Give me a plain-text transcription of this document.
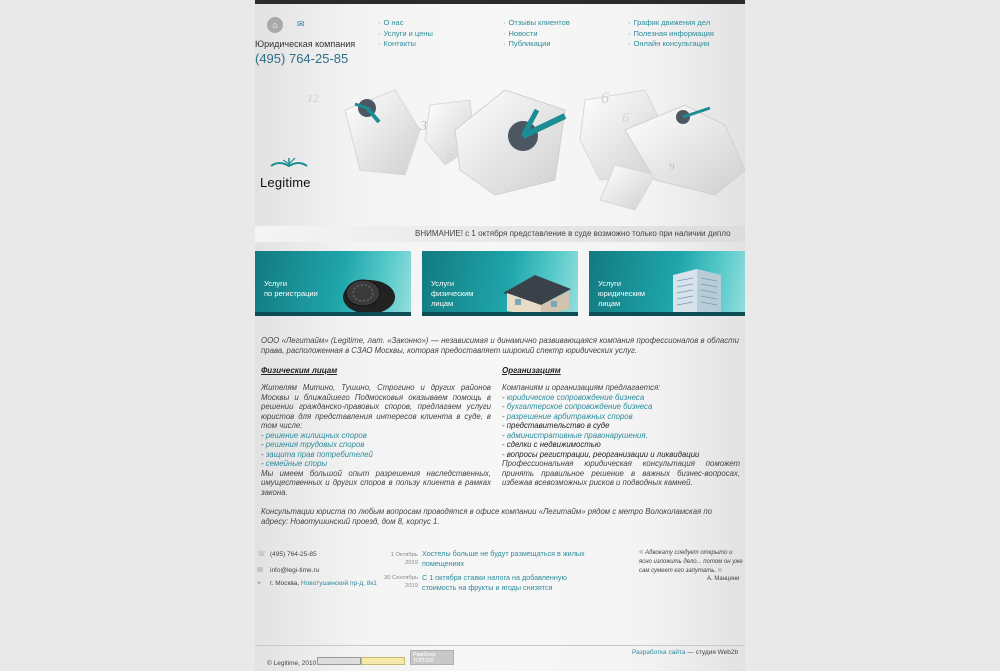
⌂	✉
Юридическая компания
(495) 764-25-85
· О нас
· Услуги и цены
· Контакты
· Отзывы клиентов
· Новости
· Публикации
· График движения дел
· Полезная информация
· Онлайн консультации
12
3
6
9
6
3
Legitime
ВНИМАНИЕ! с 1 октября представление в суде возможно только при наличии дипло
Услуги
по регистрации
Услуги
физическим
лицам
Услуги
юридическим
лицам
ООО «Легитайм» (Legitime, лат. «Законно») — независимая и динамично развивающаяся компания профессионалов в области права, расположенная в СЗАО Москвы, которая предоставляет широкий спектр юридических услуг.
Физическим лицам	Организациям
Жителям Митино, Тушино, Строгино и других районов Москвы и ближайшего Подмосковья оказываем помощь в решении гражданско-правовых споров, предлагаем услуги юристов для представления интересов клиента в суде, в том числе:
- решение жилищных споров
- решения трудовых споров
- защита прав потребителей
- семейные споры
Мы имеем большой опыт разрешения наследственных, имущественных и других споров в пользу клиента в рамках закона.
Компаниям и организациям предлагается:
- юридическое сопровождение бизнеса
- бухгалтерское сопровождение бизнеса
- разрешение арбитражных споров
- представительство в суде
- административные правонарушения,
- сделки с недвижимостью
- вопросы регистрации, реорганизации и ликвидации
Профессиональная юридическая консультация поможет принять правильное решение в важных бизнес-вопросах, избежав всевозможных рисков и подводных камней.
Консультации юриста по любым вопросам проводятся в офисе компании «Легитайм» рядом с метро Волоколамская по адресу: Новотушинский проезд, дом 8, корпус 1.
☏ (495) 764-25-85
✉ info@legi-time.ru
⌖ г. Москва, Новотушинский пр-д, 8к1
1 Октябрь
2019
Хостелы больше не будут размещаться в жилых помещениях
30 Сентябрь
2019
С 1 октября ставки налога на добавленную стоимость на фрукты и ягоды снизятся
« Адвокату следует открыто и ясно изложить дело... потом он уже сам сумеет его запутать. »
А. Манцини
© Legitime, 2010
Рамблер
ТОП100
Разработка сайта — студия Web2b
